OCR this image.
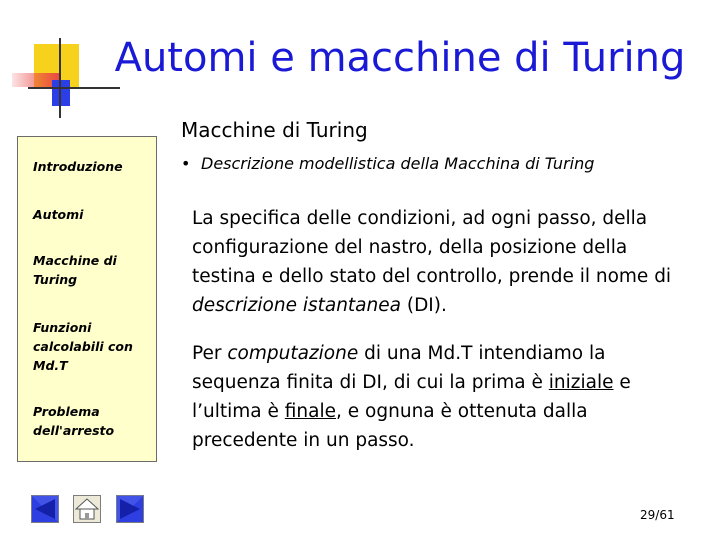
Automi e macchine di Turing
Macchine di Turing
Introduzione
Automi
Macchine di
Turing
Funzioni
calcolabili con
Md.T
Problema
dell'arresto
• Descrizione modellistica della Macchina di Turing
La specifica delle condizioni, ad ogni passo, della configurazione del nastro, della posizione della testina e dello stato del controllo, prende il nome di descrizione istantanea (DI).
Per computazione di una Md.T intendiamo la sequenza finita di DI, di cui la prima è iniziale e l’ultima è finale, e ognuna è ottenuta dalla precedente in un passo.
29/61
